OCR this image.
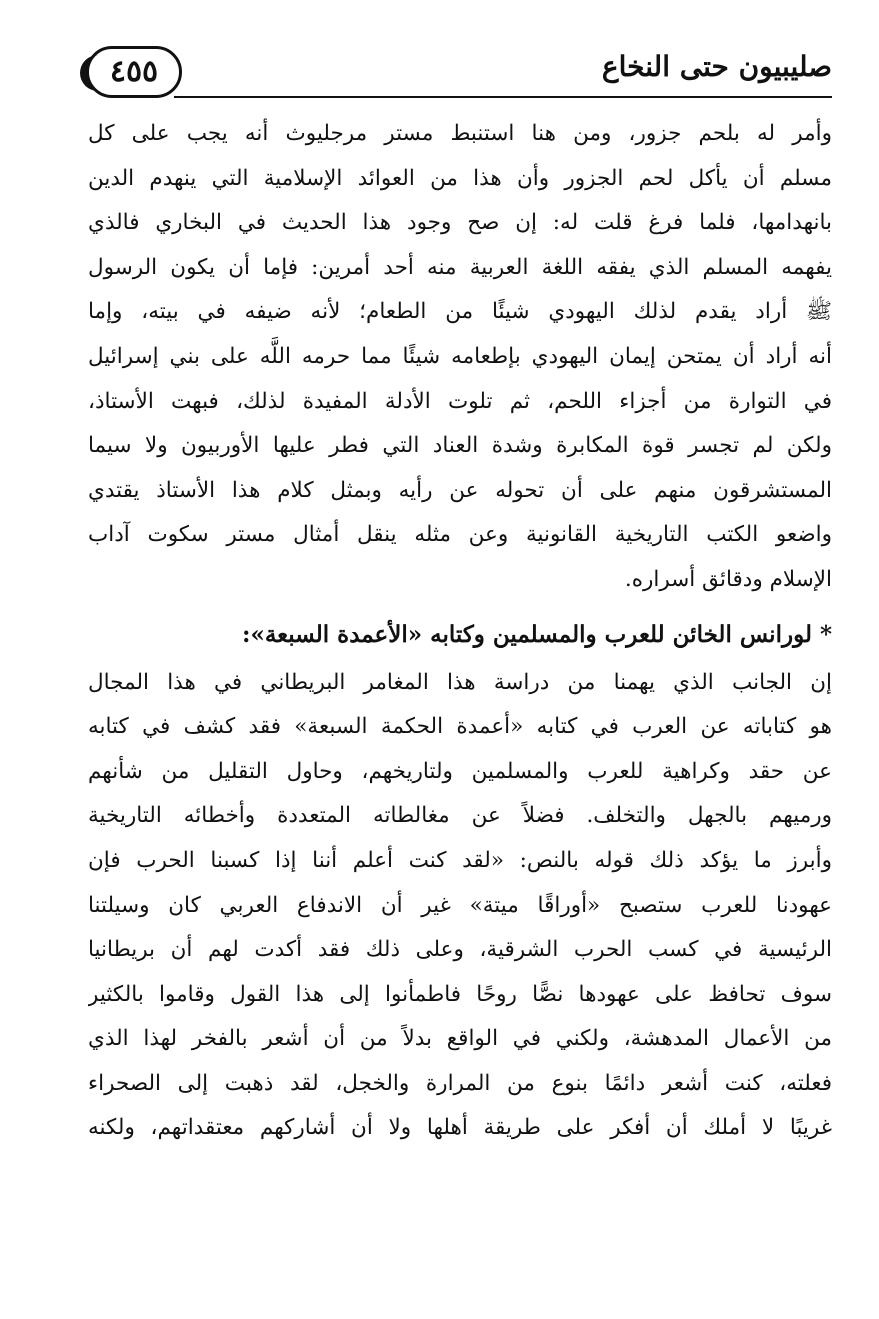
٤٥٥	صليبيون حتى النخاع
وأمر له بلحم جزور، ومن هنا استنبط مستر مرجليوث أنه يجب على كل
مسلم أن يأكل لحم الجزور وأن هذا من العوائد الإسلامية التي ينهدم الدين
بانهدامها، فلما فرغ قلت له: إن صح وجود هذا الحديث في البخاري فالذي
يفهمه المسلم الذي يفقه اللغة العربية منه أحد أمرين: فإما أن يكون الرسول
ﷺ أراد يقدم لذلك اليهودي شيئًا من الطعام؛ لأنه ضيفه في بيته، وإما
أنه أراد أن يمتحن إيمان اليهودي بإطعامه شيئًا مما حرمه اللَّه على بني إسرائيل
في التوارة من أجزاء اللحم، ثم تلوت الأدلة المفيدة لذلك، فبهت الأستاذ،
ولكن لم تجسر قوة المكابرة وشدة العناد التي فطر عليها الأوربيون ولا سيما
المستشرقون منهم على أن تحوله عن رأيه وبمثل كلام هذا الأستاذ يقتدي
واضعو الكتب التاريخية القانونية وعن مثله ينقل أمثال مستر سكوت آداب
الإسلام ودقائق أسراره.
* لورانس الخائن للعرب والمسلمين وكتابه «الأعمدة السبعة»:
إن الجانب الذي يهمنا من دراسة هذا المغامر البريطاني في هذا المجال
هو كتاباته عن العرب في كتابه «أعمدة الحكمة السبعة» فقد كشف في كتابه
عن حقد وكراهية للعرب والمسلمين ولتاريخهم، وحاول التقليل من شأنهم
ورميهم بالجهل والتخلف. فضلاً عن مغالطاته المتعددة وأخطائه التاريخية
وأبرز ما يؤكد ذلك قوله بالنص: «لقد كنت أعلم أننا إذا كسبنا الحرب فإن
عهودنا للعرب ستصبح «أوراقًا ميتة» غير أن الاندفاع العربي كان وسيلتنا
الرئيسية في كسب الحرب الشرقية، وعلى ذلك فقد أكدت لهم أن بريطانيا
سوف تحافظ على عهودها نصًّا روحًا فاطمأنوا إلى هذا القول وقاموا بالكثير
من الأعمال المدهشة، ولكني في الواقع بدلاً من أن أشعر بالفخر لهذا الذي
فعلته، كنت أشعر دائمًا بنوع من المرارة والخجل، لقد ذهبت إلى الصحراء
غريبًا لا أملك أن أفكر على طريقة أهلها ولا أن أشاركهم معتقداتهم، ولكنه
